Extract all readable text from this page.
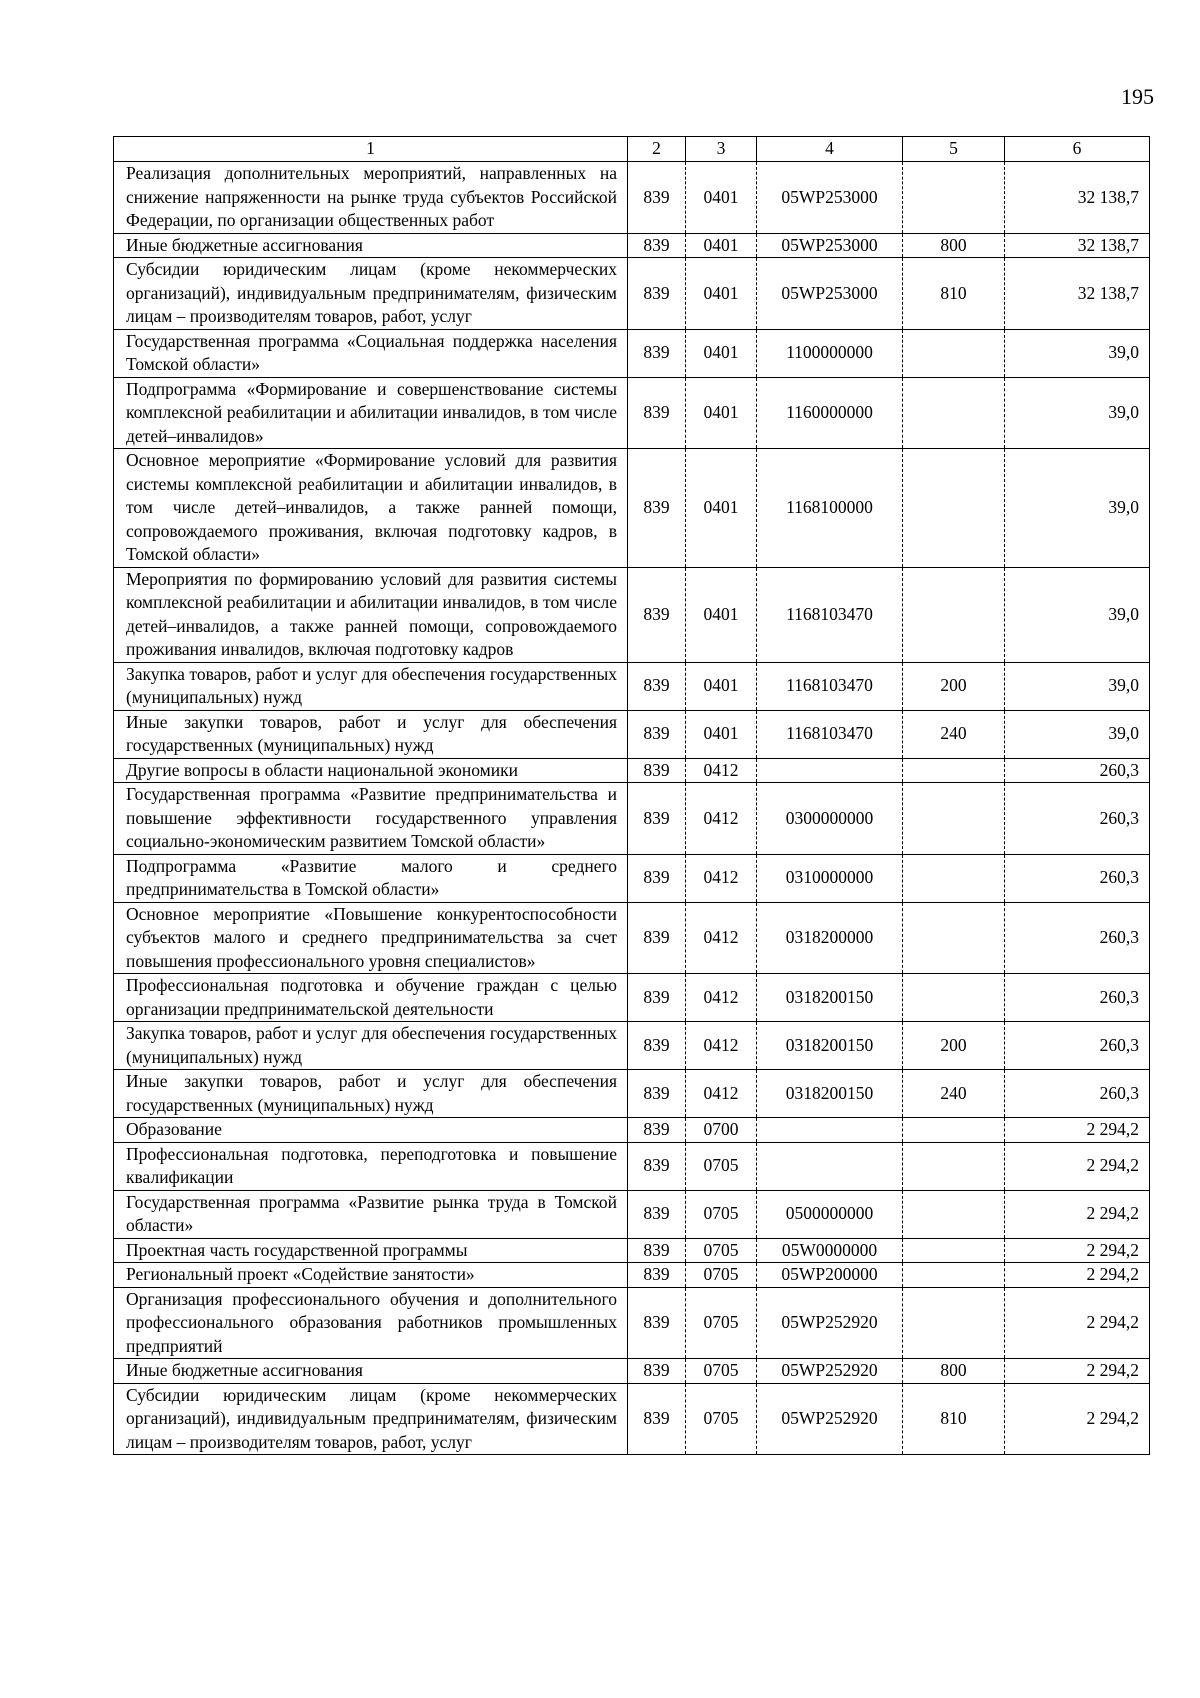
195
1	2	3	4	5	6
Реализация дополнительных мероприятий, направленных на снижение напряженности на рынке труда субъектов Российской Федерации, по организации общественных работ	839	0401	05WP253000		32 138,7
Иные бюджетные ассигнования	839	0401	05WP253000	800	32 138,7
Субсидии юридическим лицам (кроме некоммерческих организаций), индивидуальным предпринимателям, физическим лицам – производителям товаров, работ, услуг	839	0401	05WP253000	810	32 138,7
Государственная программа «Социальная поддержка населения Томской области»	839	0401	1100000000		39,0
Подпрограмма «Формирование и совершенствование системы комплексной реабилитации и абилитации инвалидов, в том числе детей–инвалидов»	839	0401	1160000000		39,0
Основное мероприятие «Формирование условий для развития системы комплексной реабилитации и абилитации инвалидов, в том числе детей–инвалидов, а также ранней помощи, сопровождаемого проживания, включая подготовку кадров, в Томской области»	839	0401	1168100000		39,0
Мероприятия по формированию условий для развития системы комплексной реабилитации и абилитации инвалидов, в том числе детей–инвалидов, а также ранней помощи, сопровождаемого проживания инвалидов, включая подготовку кадров	839	0401	1168103470		39,0
Закупка товаров, работ и услуг для обеспечения государственных (муниципальных) нужд	839	0401	1168103470	200	39,0
Иные закупки товаров, работ и услуг для обеспечения государственных (муниципальных) нужд	839	0401	1168103470	240	39,0
Другие вопросы в области национальной экономики	839	0412			260,3
Государственная программа «Развитие предпринимательства и повышение эффективности государственного управления социально-экономическим развитием Томской области»	839	0412	0300000000		260,3
Подпрограмма «Развитие малого и среднего предпринимательства в Томской области»	839	0412	0310000000		260,3
Основное мероприятие «Повышение конкурентоспособности субъектов малого и среднего предпринимательства за счет повышения профессионального уровня специалистов»	839	0412	0318200000		260,3
Профессиональная подготовка и обучение граждан с целью организации предпринимательской деятельности	839	0412	0318200150		260,3
Закупка товаров, работ и услуг для обеспечения государственных (муниципальных) нужд	839	0412	0318200150	200	260,3
Иные закупки товаров, работ и услуг для обеспечения государственных (муниципальных) нужд	839	0412	0318200150	240	260,3
Образование	839	0700			2 294,2
Профессиональная подготовка, переподготовка и повышение квалификации	839	0705			2 294,2
Государственная программа «Развитие рынка труда в Томской области»	839	0705	0500000000		2 294,2
Проектная часть государственной программы	839	0705	05W0000000		2 294,2
Региональный проект «Содействие занятости»	839	0705	05WP200000		2 294,2
Организация профессионального обучения и дополнительного профессионального образования работников промышленных предприятий	839	0705	05WP252920		2 294,2
Иные бюджетные ассигнования	839	0705	05WP252920	800	2 294,2
Субсидии юридическим лицам (кроме некоммерческих организаций), индивидуальным предпринимателям, физическим лицам – производителям товаров, работ, услуг	839	0705	05WP252920	810	2 294,2
